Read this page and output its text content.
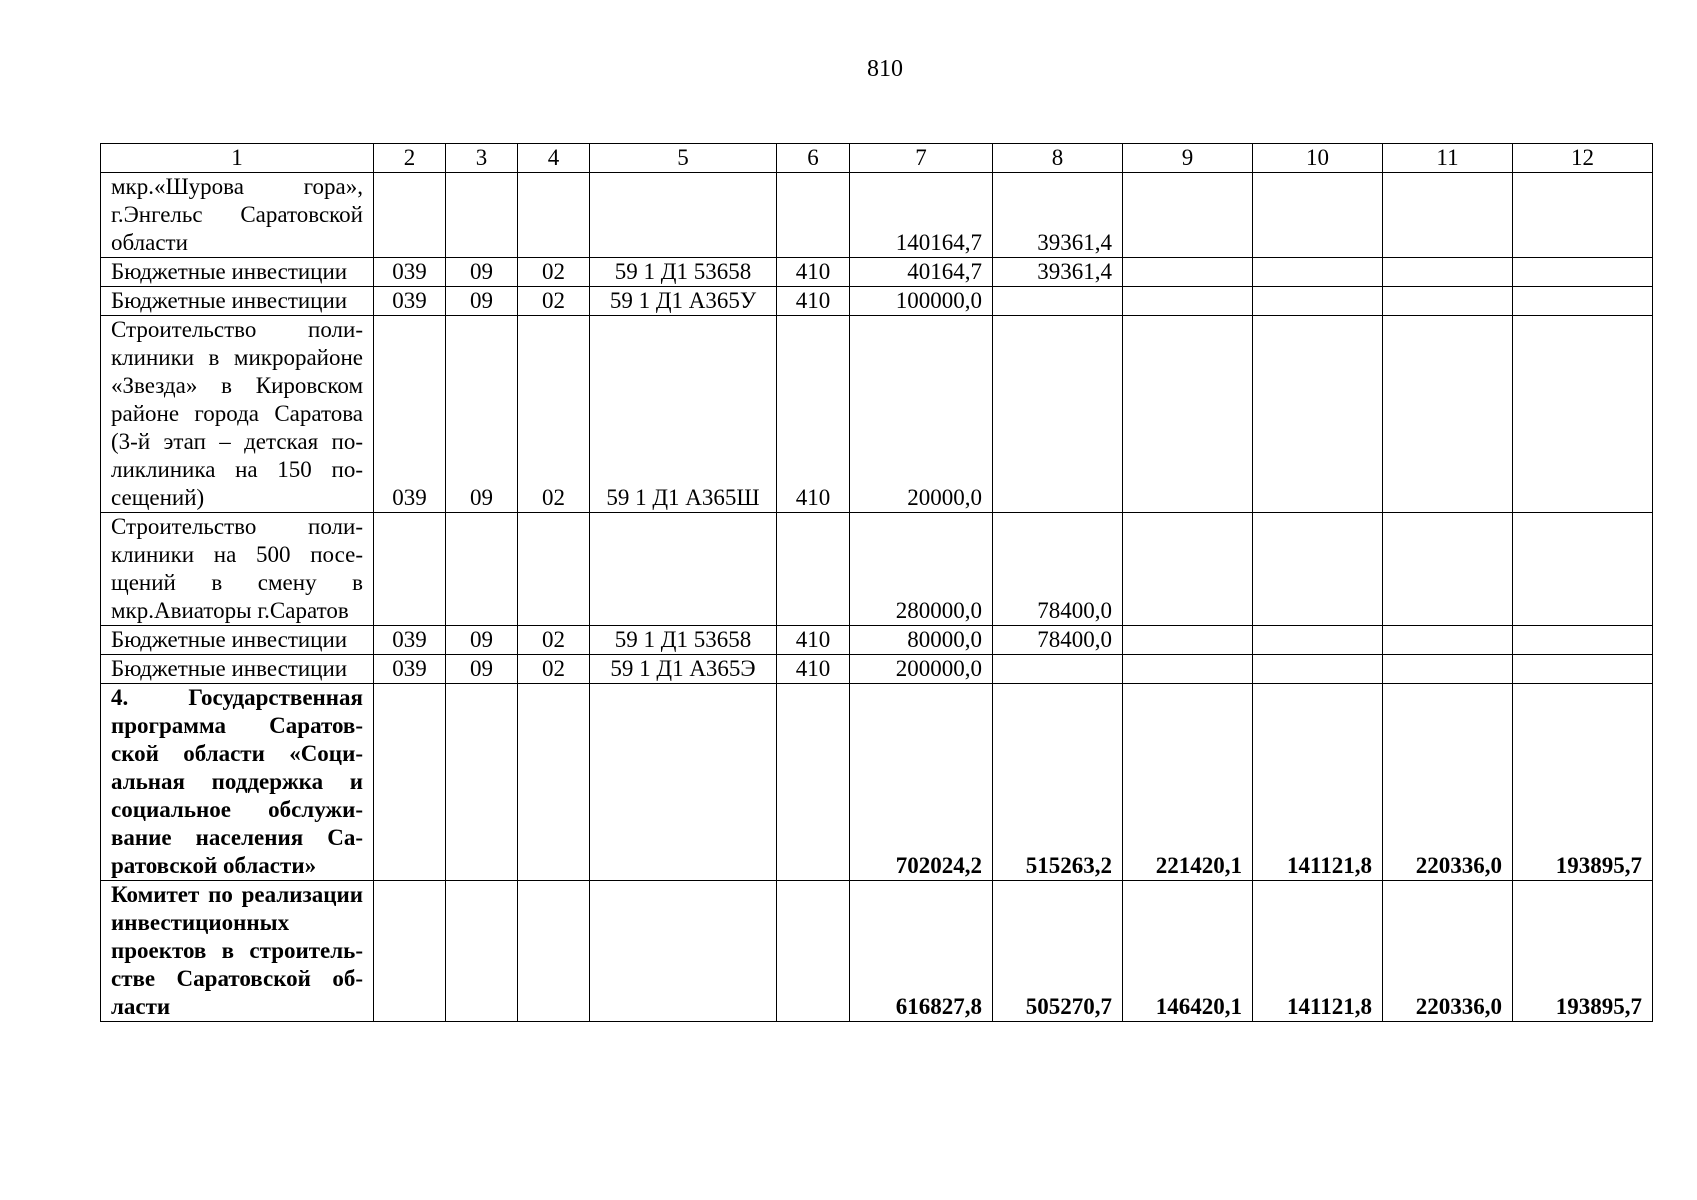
810
1	2	3	4	5	6	7	8	9	10	11	12
мкр.«Шурова гора», г.Энгельс Саратовской области						140164,7	39361,4				
Бюджетные инвестиции	039	09	02	59 1 Д1 53658	410	40164,7	39361,4				
Бюджетные инвестиции	039	09	02	59 1 Д1 А365У	410	100000,0					
Строительство поликлиники в микрорайоне «Звезда» в Кировском районе города Саратова (3-й этап – детская поликлиника на 150 посещений)	039	09	02	59 1 Д1 А365Ш	410	20000,0					
Строительство поликлиники на 500 посещений в смену в мкр.Авиаторы г.Саратов						280000,0	78400,0				
Бюджетные инвестиции	039	09	02	59 1 Д1 53658	410	80000,0	78400,0				
Бюджетные инвестиции	039	09	02	59 1 Д1 А365Э	410	200000,0					
4. Государственная программа Саратовской области «Социальная поддержка и социальное обслуживание населения Саратовской области»						702024,2	515263,2	221420,1	141121,8	220336,0	193895,7
Комитет по реализации инвестиционных проектов в строительстве Саратовской области						616827,8	505270,7	146420,1	141121,8	220336,0	193895,7
